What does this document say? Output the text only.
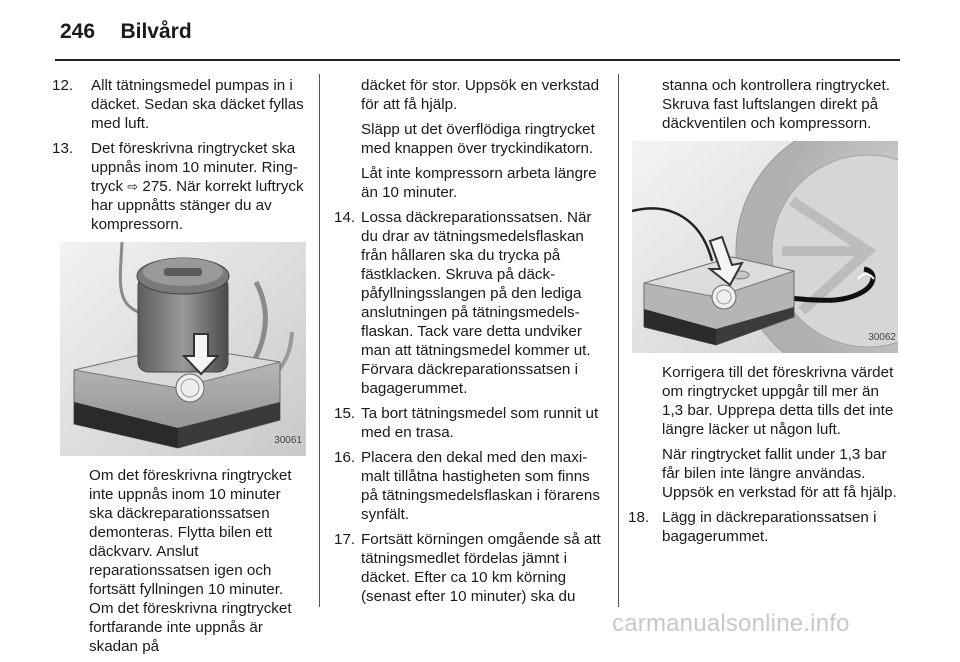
246 Bilvård
12.	Allt tätningsmedel pumpas in i däcket. Sedan ska däcket fyllas med luft.
13.	Det föreskrivna ringtrycket ska uppnås inom 10 minuter. Ringtryck ⇨ 275. När korrekt luftryck har uppnåtts stänger du av kompressorn.
30061
Om det föreskrivna ringtrycket inte uppnås inom 10 minuter ska däckreparationssatsen demonteras. Flytta bilen ett däckvarv. Anslut reparationssatsen igen och fortsätt fyllningen 10 minuter. Om det föreskrivna ringtrycket fortfarande inte uppnås är skadan på
däcket för stor. Uppsök en verkstad för att få hjälp.
Släpp ut det överflödiga ringtrycket med knappen över tryckindikatorn.
Låt inte kompressorn arbeta längre än 10 minuter.
14. Lossa däckreparationssatsen. När du drar av tätningsmedelsflaskan från hållaren ska du trycka på fästklacken. Skruva på däckpåfyllningsslangen på den lediga anslutningen på tätningsmedelsflaskan. Tack vare detta undviker man att tätningsmedel kommer ut. Förvara däckreparationssatsen i bagagerummet.
15. Ta bort tätningsmedel som runnit ut med en trasa.
16. Placera den dekal med den maximalt tillåtna hastigheten som finns på tätningsmedelsflaskan i förarens synfält.
17. Fortsätt körningen omgående så att tätningsmedlet fördelas jämnt i däcket. Efter ca 10 km körning (senast efter 10 minuter) ska du
stanna och kontrollera ringtrycket. Skruva fast luftslangen direkt på däckventilen och kompressorn.
30062
Korrigera till det föreskrivna värdet om ringtrycket uppgår till mer än 1,3 bar. Upprepa detta tills det inte längre läcker ut någon luft.
När ringtrycket fallit under 1,3 bar får bilen inte längre användas. Uppsök en verkstad för att få hjälp.
18. Lägg in däckreparationssatsen i bagagerummet.
carmanualsonline.info
